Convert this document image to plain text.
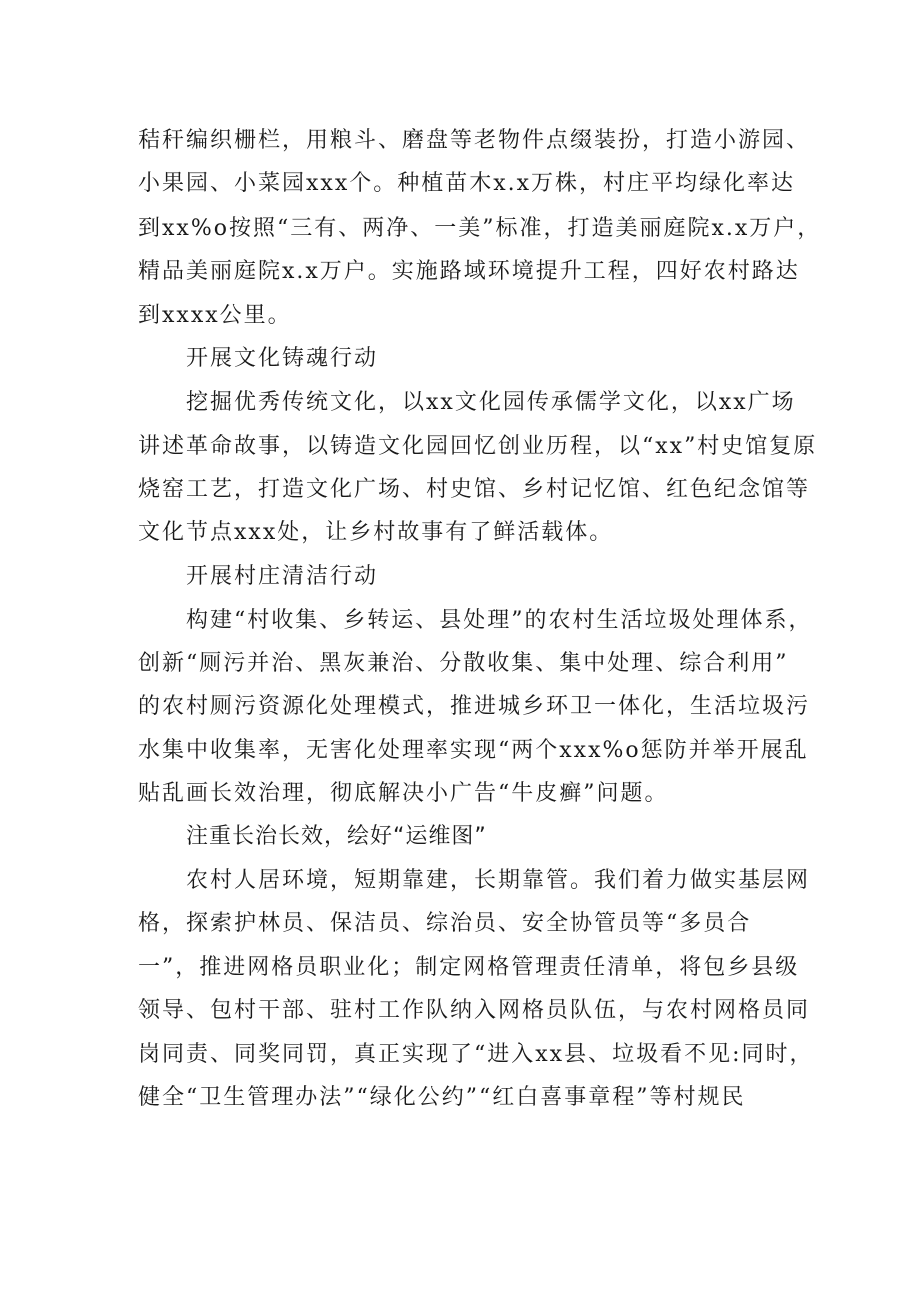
秸秆编织栅栏，用粮斗、磨盘等老物件点缀装扮，打造小游园、
小果园、小菜园xxx个。种植苗木x.x万株，村庄平均绿化率达
到xx%o按照“三有、两净、一美”标准，打造美丽庭院x.x万户，
精品美丽庭院x.x万户。实施路域环境提升工程，四好农村路达
到xxxx公里。
开展文化铸魂行动
挖掘优秀传统文化，以xx文化园传承儒学文化，以xx广场
讲述革命故事，以铸造文化园回忆创业历程，以“xx”村史馆复原
烧窑工艺，打造文化广场、村史馆、乡村记忆馆、红色纪念馆等
文化节点xxx处，让乡村故事有了鲜活载体。
开展村庄清洁行动
构建“村收集、乡转运、县处理”的农村生活垃圾处理体系，
创新“厕污并治、黑灰兼治、分散收集、集中处理、综合利用”
的农村厕污资源化处理模式，推进城乡环卫一体化，生活垃圾污
水集中收集率，无害化处理率实现“两个xxx%o惩防并举开展乱
贴乱画长效治理，彻底解决小广告“牛皮癣”问题。
注重长治长效，绘好“运维图”
农村人居环境，短期靠建，长期靠管。我们着力做实基层网
格，探索护林员、保洁员、综治员、安全协管员等“多员合
一”，推进网格员职业化；制定网格管理责任清单，将包乡县级
领导、包村干部、驻村工作队纳入网格员队伍，与农村网格员同
岗同责、同奖同罚，真正实现了“进入xx县、垃圾看不见:同时，
健全“卫生管理办法”“绿化公约”“红白喜事章程”等村规民
